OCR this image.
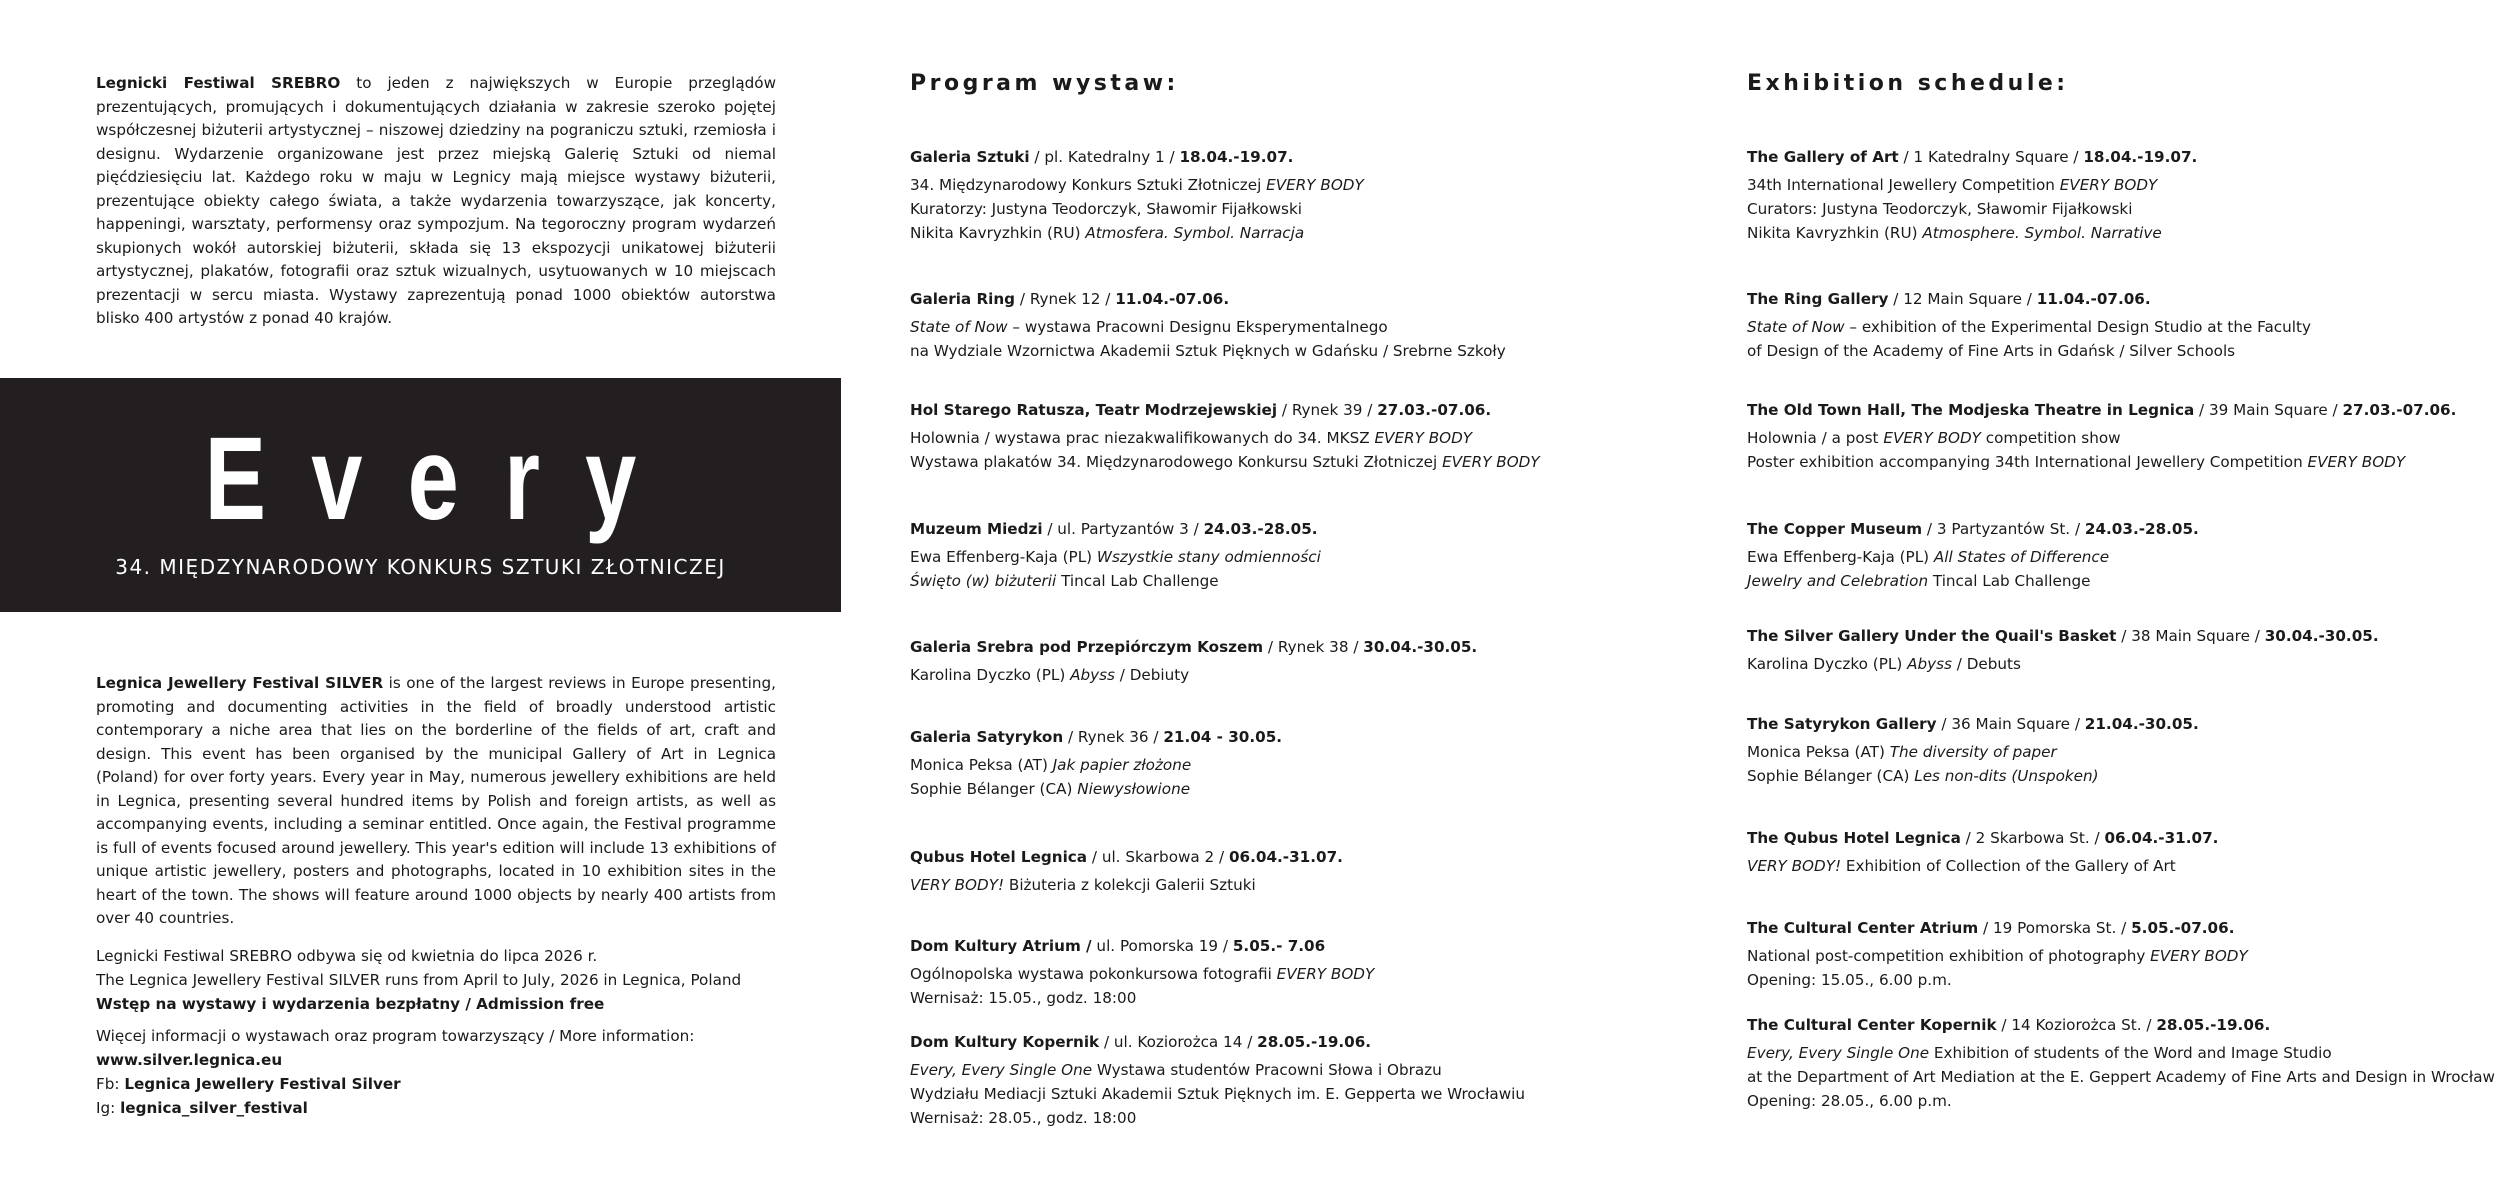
Legnicki Festiwal SREBRO to jeden z największych w Europie przeglądów prezentujących, promujących i dokumentujących działania w zakresie szeroko pojętej współczesnej biżuterii artystycznej – niszowej dziedziny na pograniczu sztuki, rzemiosła i designu. Wydarzenie organizowane jest przez miejską Galerię Sztuki od niemal pięćdziesięciu lat. Każdego roku w maju w Legnicy mają miejsce wystawy biżuterii, prezentujące obiekty całego świata, a także wydarzenia towarzyszące, jak koncerty, happeningi, warsztaty, performensy oraz sympozjum. Na tegoroczny program wydarzeń skupionych wokół autorskiej biżuterii, składa się 13 ekspozycji unikatowej biżuterii artystycznej, plakatów, fotografii oraz sztuk wizualnych, usytuowanych w 10 miejscach prezentacji w sercu miasta. Wystawy zaprezentują ponad 1000 obiektów autorstwa blisko 400 artystów z ponad 40 krajów.
Every
34. MIĘDZYNARODOWY KONKURS SZTUKI ZŁOTNICZEJ
Legnica Jewellery Festival SILVER is one of the largest reviews in Europe presenting, promoting and documenting activities in the field of broadly understood artistic contemporary a niche area that lies on the borderline of the fields of art, craft and design. This event has been organised by the municipal Gallery of Art in Legnica (Poland) for over forty years. Every year in May, numerous jewellery exhibitions are held in Legnica, presenting several hundred items by Polish and foreign artists, as well as accompanying events, including a seminar entitled. Once again, the Festival programme is full of events focused around jewellery. This year's edition will include 13 exhibitions of unique artistic jewellery, posters and photographs, located in 10 exhibition sites in the heart of the town. The shows will feature around 1000 objects by nearly 400 artists from over 40 countries.
Legnicki Festiwal SREBRO odbywa się od kwietnia do lipca 2026 r.
The Legnica Jewellery Festival SILVER runs from April to July, 2026 in Legnica, Poland
Wstęp na wystawy i wydarzenia bezpłatny / Admission free
Więcej informacji o wystawach oraz program towarzyszący / More information:
www.silver.legnica.eu
Fb: Legnica Jewellery Festival Silver
Ig: legnica_silver_festival
Program wystaw:
Galeria Sztuki / pl. Katedralny 1 / 18.04.-19.07.
34. Międzynarodowy Konkurs Sztuki Złotniczej EVERY BODY
Kuratorzy: Justyna Teodorczyk, Sławomir Fijałkowski
Nikita Kavryzhkin (RU) Atmosfera. Symbol. Narracja
Galeria Ring / Rynek 12 / 11.04.-07.06.
State of Now – wystawa Pracowni Designu Eksperymentalnego
na Wydziale Wzornictwa Akademii Sztuk Pięknych w Gdańsku / Srebrne Szkoły
Hol Starego Ratusza, Teatr Modrzejewskiej / Rynek 39 / 27.03.-07.06.
Holownia / wystawa prac niezakwalifikowanych do 34. MKSZ EVERY BODY
Wystawa plakatów 34. Międzynarodowego Konkursu Sztuki Złotniczej EVERY BODY
Muzeum Miedzi / ul. Partyzantów 3 / 24.03.-28.05.
Ewa Effenberg-Kaja (PL) Wszystkie stany odmienności
Święto (w) biżuterii Tincal Lab Challenge
Galeria Srebra pod Przepiórczym Koszem / Rynek 38 / 30.04.-30.05.
Karolina Dyczko (PL) Abyss / Debiuty
Galeria Satyrykon / Rynek 36 / 21.04 - 30.05.
Monica Peksa (AT) Jak papier złożone
Sophie Bélanger (CA) Niewysłowione
Qubus Hotel Legnica / ul. Skarbowa 2 / 06.04.-31.07.
VERY BODY! Biżuteria z kolekcji Galerii Sztuki
Dom Kultury Atrium / ul. Pomorska 19 / 5.05.- 7.06
Ogólnopolska wystawa pokonkursowa fotografii EVERY BODY
Wernisaż: 15.05., godz. 18:00
Dom Kultury Kopernik / ul. Koziorożca 14 / 28.05.-19.06.
Every, Every Single One Wystawa studentów Pracowni Słowa i Obrazu
Wydziału Mediacji Sztuki Akademii Sztuk Pięknych im. E. Gepperta we Wrocławiu
Wernisaż: 28.05., godz. 18:00
Exhibition schedule:
The Gallery of Art / 1 Katedralny Square / 18.04.-19.07.
34th International Jewellery Competition EVERY BODY
Curators: Justyna Teodorczyk, Sławomir Fijałkowski
Nikita Kavryzhkin (RU) Atmosphere. Symbol. Narrative
The Ring Gallery / 12 Main Square / 11.04.-07.06.
State of Now – exhibition of the Experimental Design Studio at the Faculty
of Design of the Academy of Fine Arts in Gdańsk / Silver Schools
The Old Town Hall, The Modjeska Theatre in Legnica / 39 Main Square / 27.03.-07.06.
Holownia / a post EVERY BODY competition show
Poster exhibition accompanying 34th International Jewellery Competition EVERY BODY
The Copper Museum / 3 Partyzantów St. / 24.03.-28.05.
Ewa Effenberg-Kaja (PL) All States of Difference
Jewelry and Celebration Tincal Lab Challenge
The Silver Gallery Under the Quail's Basket / 38 Main Square / 30.04.-30.05.
Karolina Dyczko (PL) Abyss / Debuts
The Satyrykon Gallery / 36 Main Square / 21.04.-30.05.
Monica Peksa (AT) The diversity of paper
Sophie Bélanger (CA) Les non-dits (Unspoken)
The Qubus Hotel Legnica / 2 Skarbowa St. / 06.04.-31.07.
VERY BODY! Exhibition of Collection of the Gallery of Art
The Cultural Center Atrium / 19 Pomorska St. / 5.05.-07.06.
National post-competition exhibition of photography EVERY BODY
Opening: 15.05., 6.00 p.m.
The Cultural Center Kopernik / 14 Koziorożca St. / 28.05.-19.06.
Every, Every Single One Exhibition of students of the Word and Image Studio
at the Department of Art Mediation at the E. Geppert Academy of Fine Arts and Design in Wrocław
Opening: 28.05., 6.00 p.m.
